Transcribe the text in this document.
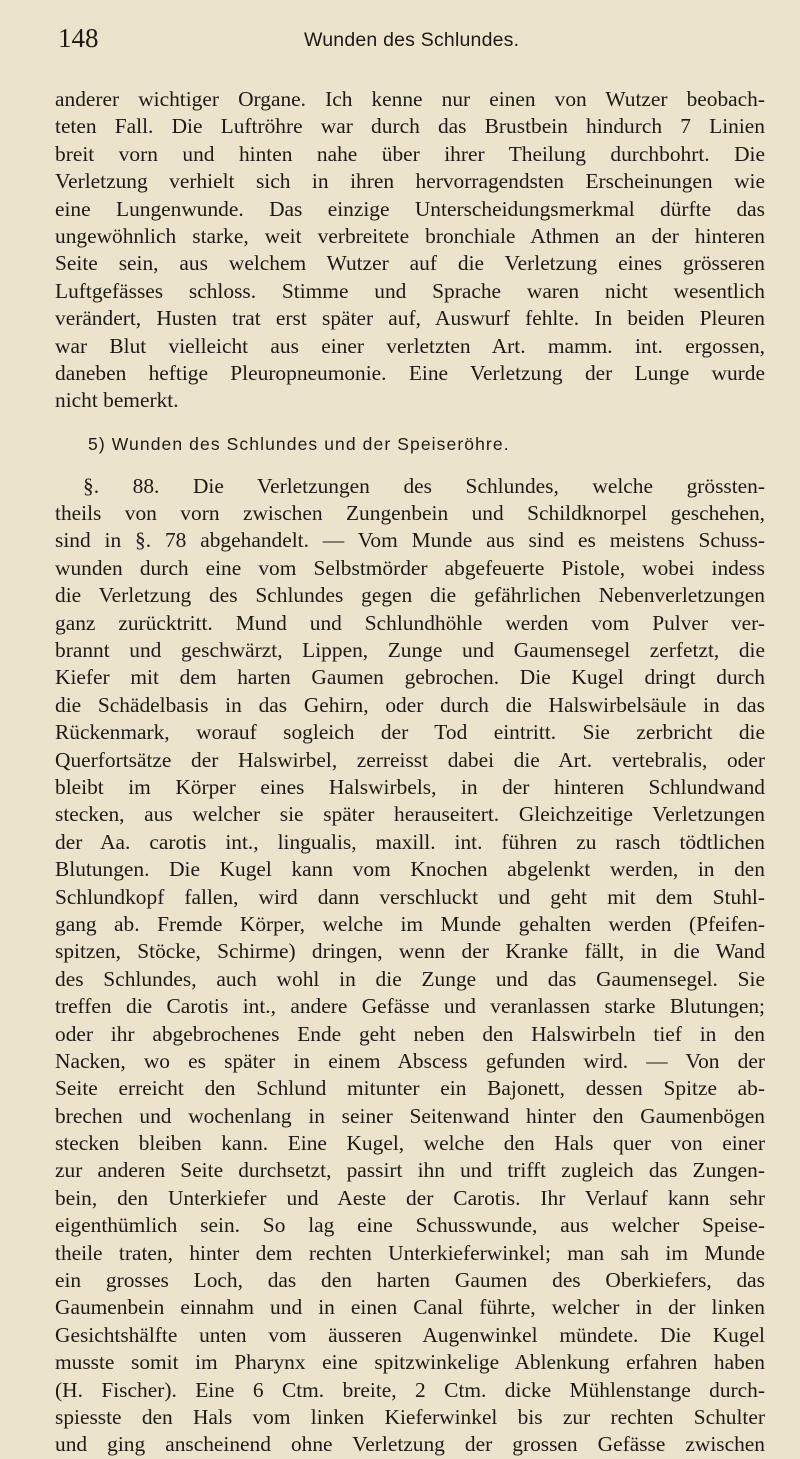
148	Wunden des Schlundes.
anderer wichtiger Organe. Ich kenne nur einen von Wutzer beobach-
teten Fall. Die Luftröhre war durch das Brustbein hindurch 7 Linien
breit vorn und hinten nahe über ihrer Theilung durchbohrt. Die
Verletzung verhielt sich in ihren hervorragendsten Erscheinungen wie
eine Lungenwunde. Das einzige Unterscheidungsmerkmal dürfte das
ungewöhnlich starke, weit verbreitete bronchiale Athmen an der hinteren
Seite sein, aus welchem Wutzer auf die Verletzung eines grösseren
Luftgefässes schloss. Stimme und Sprache waren nicht wesentlich
verändert, Husten trat erst später auf, Auswurf fehlte. In beiden Pleuren
war Blut vielleicht aus einer verletzten Art. mamm. int. ergossen,
daneben heftige Pleuropneumonie. Eine Verletzung der Lunge wurde
nicht bemerkt.
5) Wunden des Schlundes und der Speiseröhre.
§. 88. Die Verletzungen des Schlundes, welche grössten-
theils von vorn zwischen Zungenbein und Schildknorpel geschehen,
sind in §. 78 abgehandelt. — Vom Munde aus sind es meistens Schuss-
wunden durch eine vom Selbstmörder abgefeuerte Pistole, wobei indess
die Verletzung des Schlundes gegen die gefährlichen Nebenverletzungen
ganz zurücktritt. Mund und Schlundhöhle werden vom Pulver ver-
brannt und geschwärzt, Lippen, Zunge und Gaumensegel zerfetzt, die
Kiefer mit dem harten Gaumen gebrochen. Die Kugel dringt durch
die Schädelbasis in das Gehirn, oder durch die Halswirbelsäule in das
Rückenmark, worauf sogleich der Tod eintritt. Sie zerbricht die
Querfortsätze der Halswirbel, zerreisst dabei die Art. vertebralis, oder
bleibt im Körper eines Halswirbels, in der hinteren Schlundwand
stecken, aus welcher sie später herauseitert. Gleichzeitige Verletzungen
der Aa. carotis int., lingualis, maxill. int. führen zu rasch tödtlichen
Blutungen. Die Kugel kann vom Knochen abgelenkt werden, in den
Schlundkopf fallen, wird dann verschluckt und geht mit dem Stuhl-
gang ab. Fremde Körper, welche im Munde gehalten werden (Pfeifen-
spitzen, Stöcke, Schirme) dringen, wenn der Kranke fällt, in die Wand
des Schlundes, auch wohl in die Zunge und das Gaumensegel. Sie
treffen die Carotis int., andere Gefässe und veranlassen starke Blutungen;
oder ihr abgebrochenes Ende geht neben den Halswirbeln tief in den
Nacken, wo es später in einem Abscess gefunden wird. — Von der
Seite erreicht den Schlund mitunter ein Bajonett, dessen Spitze ab-
brechen und wochenlang in seiner Seitenwand hinter den Gaumenbögen
stecken bleiben kann. Eine Kugel, welche den Hals quer von einer
zur anderen Seite durchsetzt, passirt ihn und trifft zugleich das Zungen-
bein, den Unterkiefer und Aeste der Carotis. Ihr Verlauf kann sehr
eigenthümlich sein. So lag eine Schusswunde, aus welcher Speise-
theile traten, hinter dem rechten Unterkieferwinkel; man sah im Munde
ein grosses Loch, das den harten Gaumen des Oberkiefers, das
Gaumenbein einnahm und in einen Canal führte, welcher in der linken
Gesichtshälfte unten vom äusseren Augenwinkel mündete. Die Kugel
musste somit im Pharynx eine spitzwinkelige Ablenkung erfahren haben
(H. Fischer). Eine 6 Ctm. breite, 2 Ctm. dicke Mühlenstange durch-
spiesste den Hals vom linken Kieferwinkel bis zur rechten Schulter
und ging anscheinend ohne Verletzung der grossen Gefässe zwischen
